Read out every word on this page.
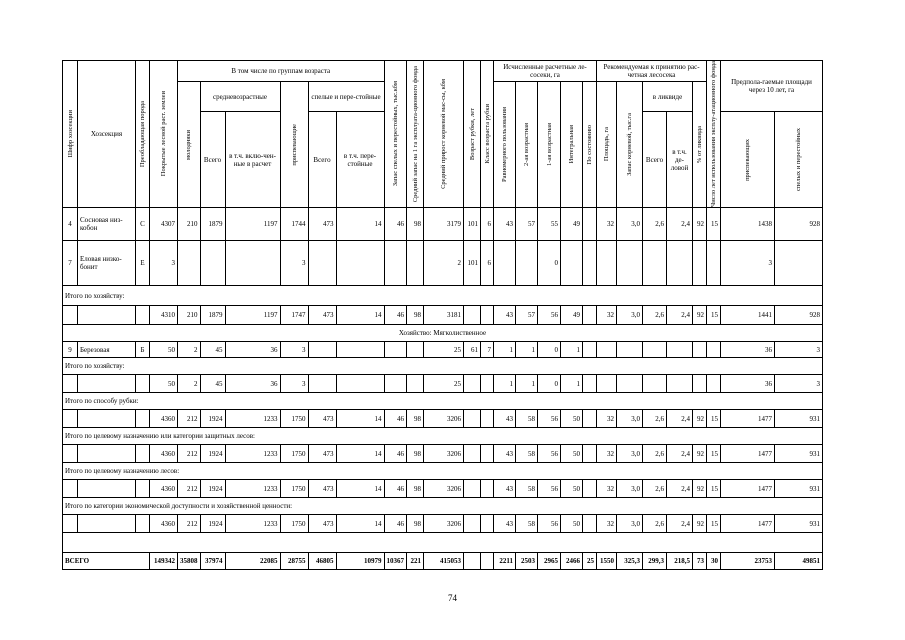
Шифр хозсекции	Хозсекция	Преобладающая порода	Покрытые лесной раст. землеи	В том числе по группам возраста						Запас спелых и перестойных, тыс.кбм	Средний запас на 1 га эксплуата-ционного фонда	Средний прирост корневой мас-сы, кбм	Возраст рубки, лет	Класс возраста рубки	Исчисленные расчетные ле-сосеки, га					Рекомендуемая к принятию рас-четная лесосека					Число лет использования эксплу-атационного фонда	Предпола-гаемые площади через 10 лет, га	

				молодняки	средневозрастные		приспевающие	спелые и пере-стойные							Равномерного пользования	2-ая возрастная	1-ая возрастная	Интегральная	По состоянию	Площадь, га	Запас корневой, тыс.га	в ликвиде		% от ликвида			

					Всего	в т.ч. вклю-чен-ные в расчет		Всего	в т.ч. пере-стойные													Всего	в т.ч. де-ловой			приспевающих	спелых и перестойных

4	Сосновая низ-кобон	С	4307	210	1879	1197	1744	473	14	46	98	3179	101	6	43	57	55	49		32	3,0	2,6	2,4	92	15	1438	928
7	Еловая низко-бонит	Е	3				3					2	101	6			0									3	
Итого по хозяйству:																											
			4310	210	1879	1197	1747	473	14	46	98	3181			43	57	56	49		32	3,0	2,6	2,4	92	15	1441	928
Хозяйство: Мягколиственное																											
9	Березовая	Б	50	2	45	36	3					25	61	7	1	1	0	1								36	3
Итого по хозяйству:																											
			50	2	45	36	3					25			1	1	0	1								36	3
Итого по способу рубки:																											
			4360	212	1924	1233	1750	473	14	46	98	3206			43	58	56	50		32	3,0	2,6	2,4	92	15	1477	931
Итого по целевому назначению или категории защитных лесов:																											
			4360	212	1924	1233	1750	473	14	46	98	3206			43	58	56	50		32	3,0	2,6	2,4	92	15	1477	931
Итого по целевому назначению лесов:																											
			4360	212	1924	1233	1750	473	14	46	98	3206			43	58	56	50		32	3,0	2,6	2,4	92	15	1477	931
Итого по категории экономической доступности и хозяйственной ценности:																											
			4360	212	1924	1233	1750	473	14	46	98	3206			43	58	56	50		32	3,0	2,6	2,4	92	15	1477	931

ВСЕГО			149342	35808	37974	22085	28755	46805	10979	10367	221	415053			2211	2503	2965	2466	25	1550	325,3	299,3	218,5	73	30	23753	49851
74
